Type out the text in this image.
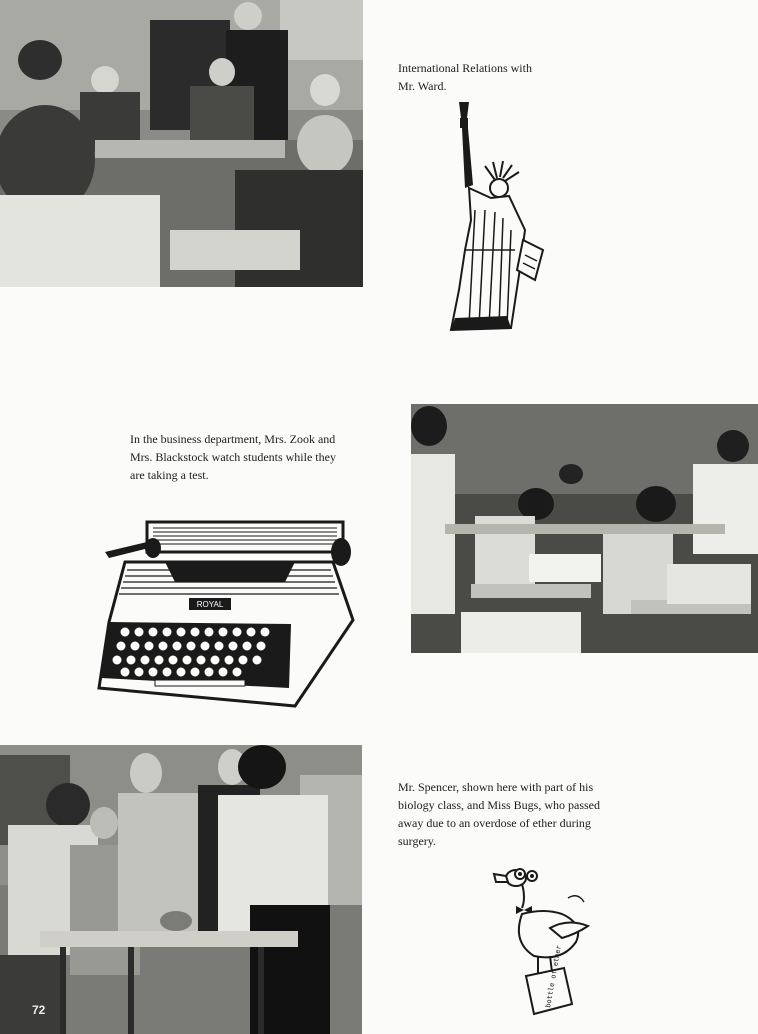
International Relations with
Mr. Ward.
In the business department, Mrs. Zook and
Mrs. Blackstock watch students while they
are taking a test.
ROYAL
Mr. Spencer, shown here with part of his
biology class, and Miss Bugs, who passed
away due to an overdose of ether during
surgery.
bottle of ether
72
